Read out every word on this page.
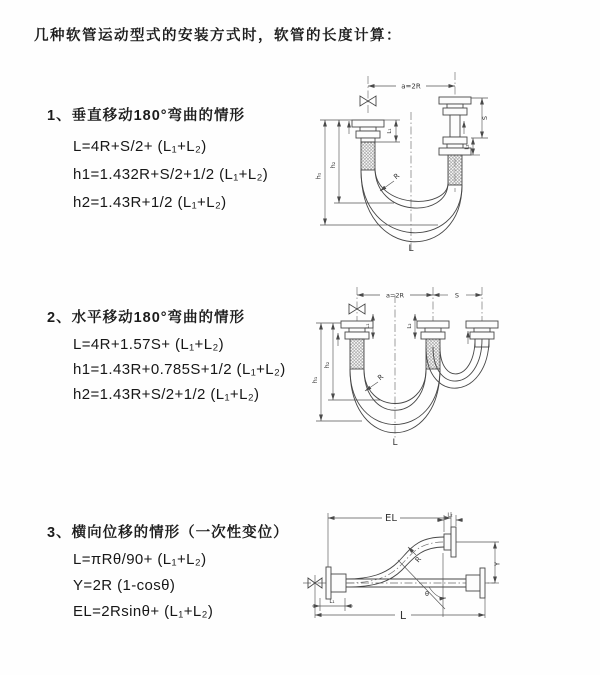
几种软管运动型式的安装方式时，软管的长度计算：
1、垂直移动180°弯曲的情形
L=4R+S/2+ (L₁+L₂)
h1=1.432R+S/2+1/2 (L₁+L₂)
h2=1.43R+1/2 (L₁+L₂)
2、水平移动180°弯曲的情形
L=4R+1.57S+ (L₁+L₂)
h1=1.43R+0.785S+1/2 (L₁+L₂)
h2=1.43R+S/2+1/2 (L₁+L₂)
3、横向位移的情形（一次性变位）
L=πRθ/90+ (L₁+L₂)
Y=2R (1-cosθ)
EL=2Rsinθ+ (L₁+L₂)
a=2R
h₁
h₂
S
L₂
L₁
R
L
a=2R	S
L₁	L₂
h₁
h₂
R
L
EL	L₂
Y
θ
R
L₁
L
